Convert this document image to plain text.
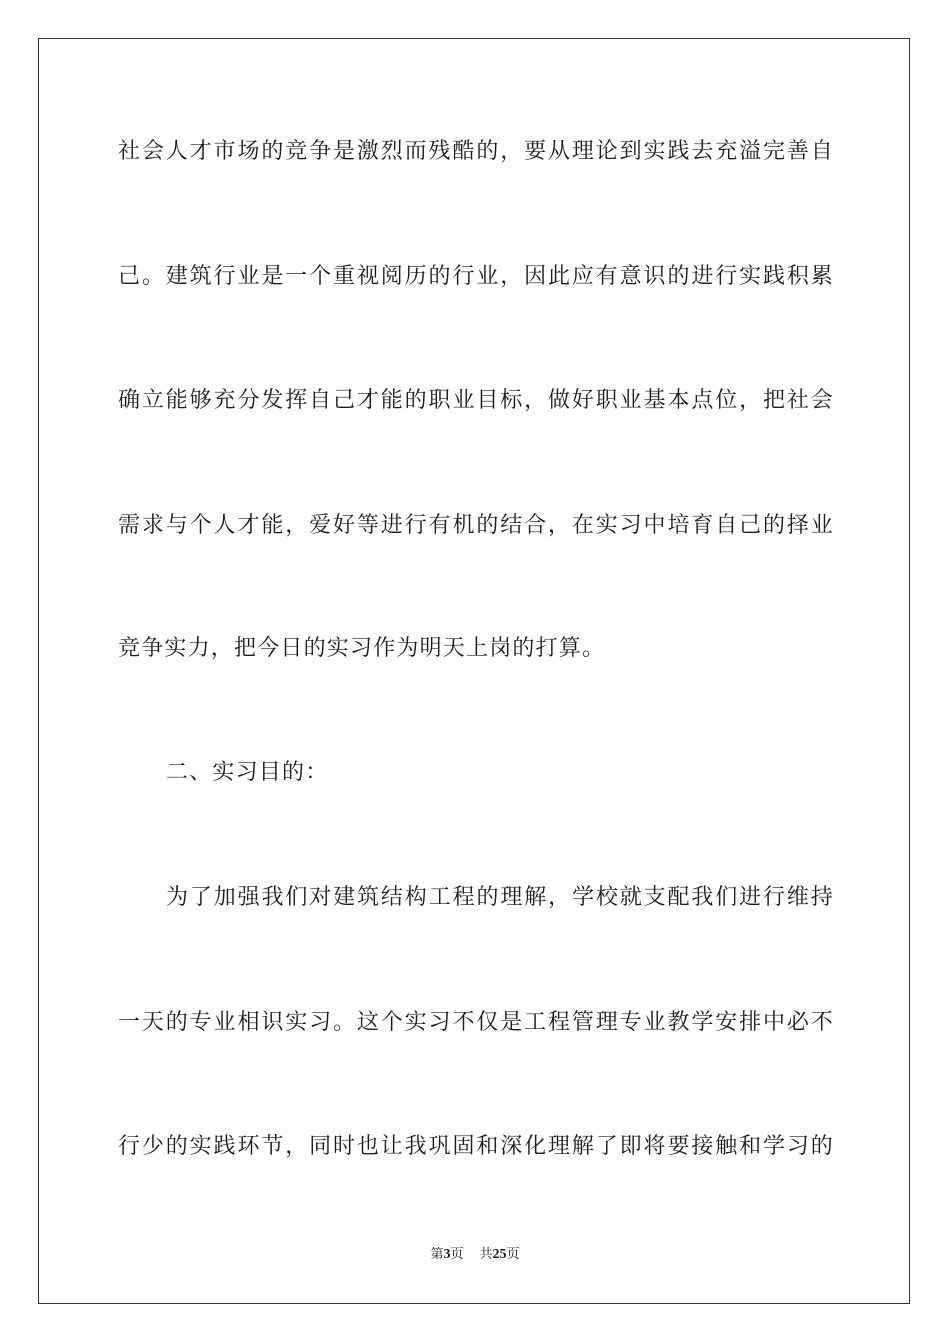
社会人才市场的竞争是激烈而残酷的，要从理论到实践去充溢完善自
己。建筑行业是一个重视阅历的行业，因此应有意识的进行实践积累
确立能够充分发挥自己才能的职业目标，做好职业基本点位，把社会
需求与个人才能，爱好等进行有机的结合，在实习中培育自己的择业
竞争实力，把今日的实习作为明天上岗的打算。
二、实习目的：
为了加强我们对建筑结构工程的理解，学校就支配我们进行维持
一天的专业相识实习。这个实习不仅是工程管理专业教学安排中必不
行少的实践环节，同时也让我巩固和深化理解了即将要接触和学习的
第3页 共25页
